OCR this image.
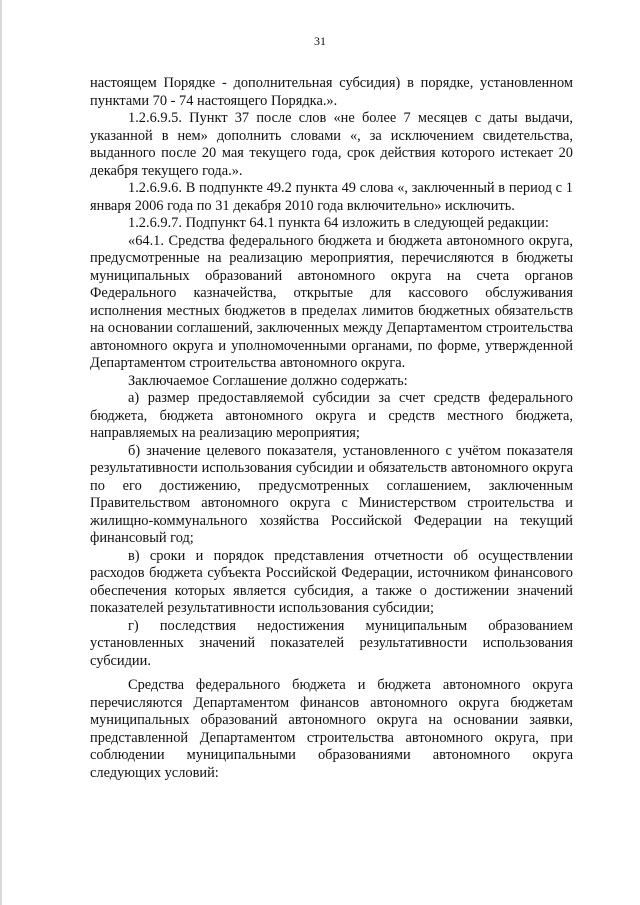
31

настоящем Порядке - дополнительная субсидия) в порядке, установленном пунктами 70 - 74 настоящего Порядка.».

1.2.6.9.5. Пункт 37 после слов «не более 7 месяцев с даты выдачи, указанной в нем» дополнить словами «, за исключением свидетельства, выданного после 20 мая текущего года, срок действия которого истекает 20 декабря текущего года.».

1.2.6.9.6. В подпункте 49.2 пункта 49 слова «, заключенный в период с 1 января 2006 года по 31 декабря 2010 года включительно» исключить.

1.2.6.9.7. Подпункт 64.1 пункта 64 изложить в следующей редакции:

«64.1. Средства федерального бюджета и бюджета автономного округа, предусмотренные на реализацию мероприятия, перечисляются в бюджеты муниципальных образований автономного округа на счета органов Федерального казначейства, открытые для кассового обслуживания исполнения местных бюджетов в пределах лимитов бюджетных обязательств на основании соглашений, заключенных между Департаментом строительства автономного округа и уполномоченными органами, по форме, утвержденной Департаментом строительства автономного округа.

Заключаемое Соглашение должно содержать:

а) размер предоставляемой субсидии за счет средств федерального бюджета, бюджета автономного округа и средств местного бюджета, направляемых на реализацию мероприятия;

б) значение целевого показателя, установленного с учётом показателя результативности использования субсидии и обязательств автономного округа по его достижению, предусмотренных соглашением, заключенным Правительством автономного округа с Министерством строительства и жилищно-коммунального хозяйства Российской Федерации на текущий финансовый год;

в) сроки и порядок представления отчетности об осуществлении расходов бюджета субъекта Российской Федерации, источником финансового обеспечения которых является субсидия, а также о достижении значений показателей результативности использования субсидии;

г) последствия недостижения муниципальным образованием установленных значений показателей результативности использования субсидии.

Средства федерального бюджета и бюджета автономного округа перечисляются Департаментом финансов автономного округа бюджетам муниципальных образований автономного округа на основании заявки, представленной Департаментом строительства автономного округа, при соблюдении муниципальными образованиями автономного округа следующих условий:
